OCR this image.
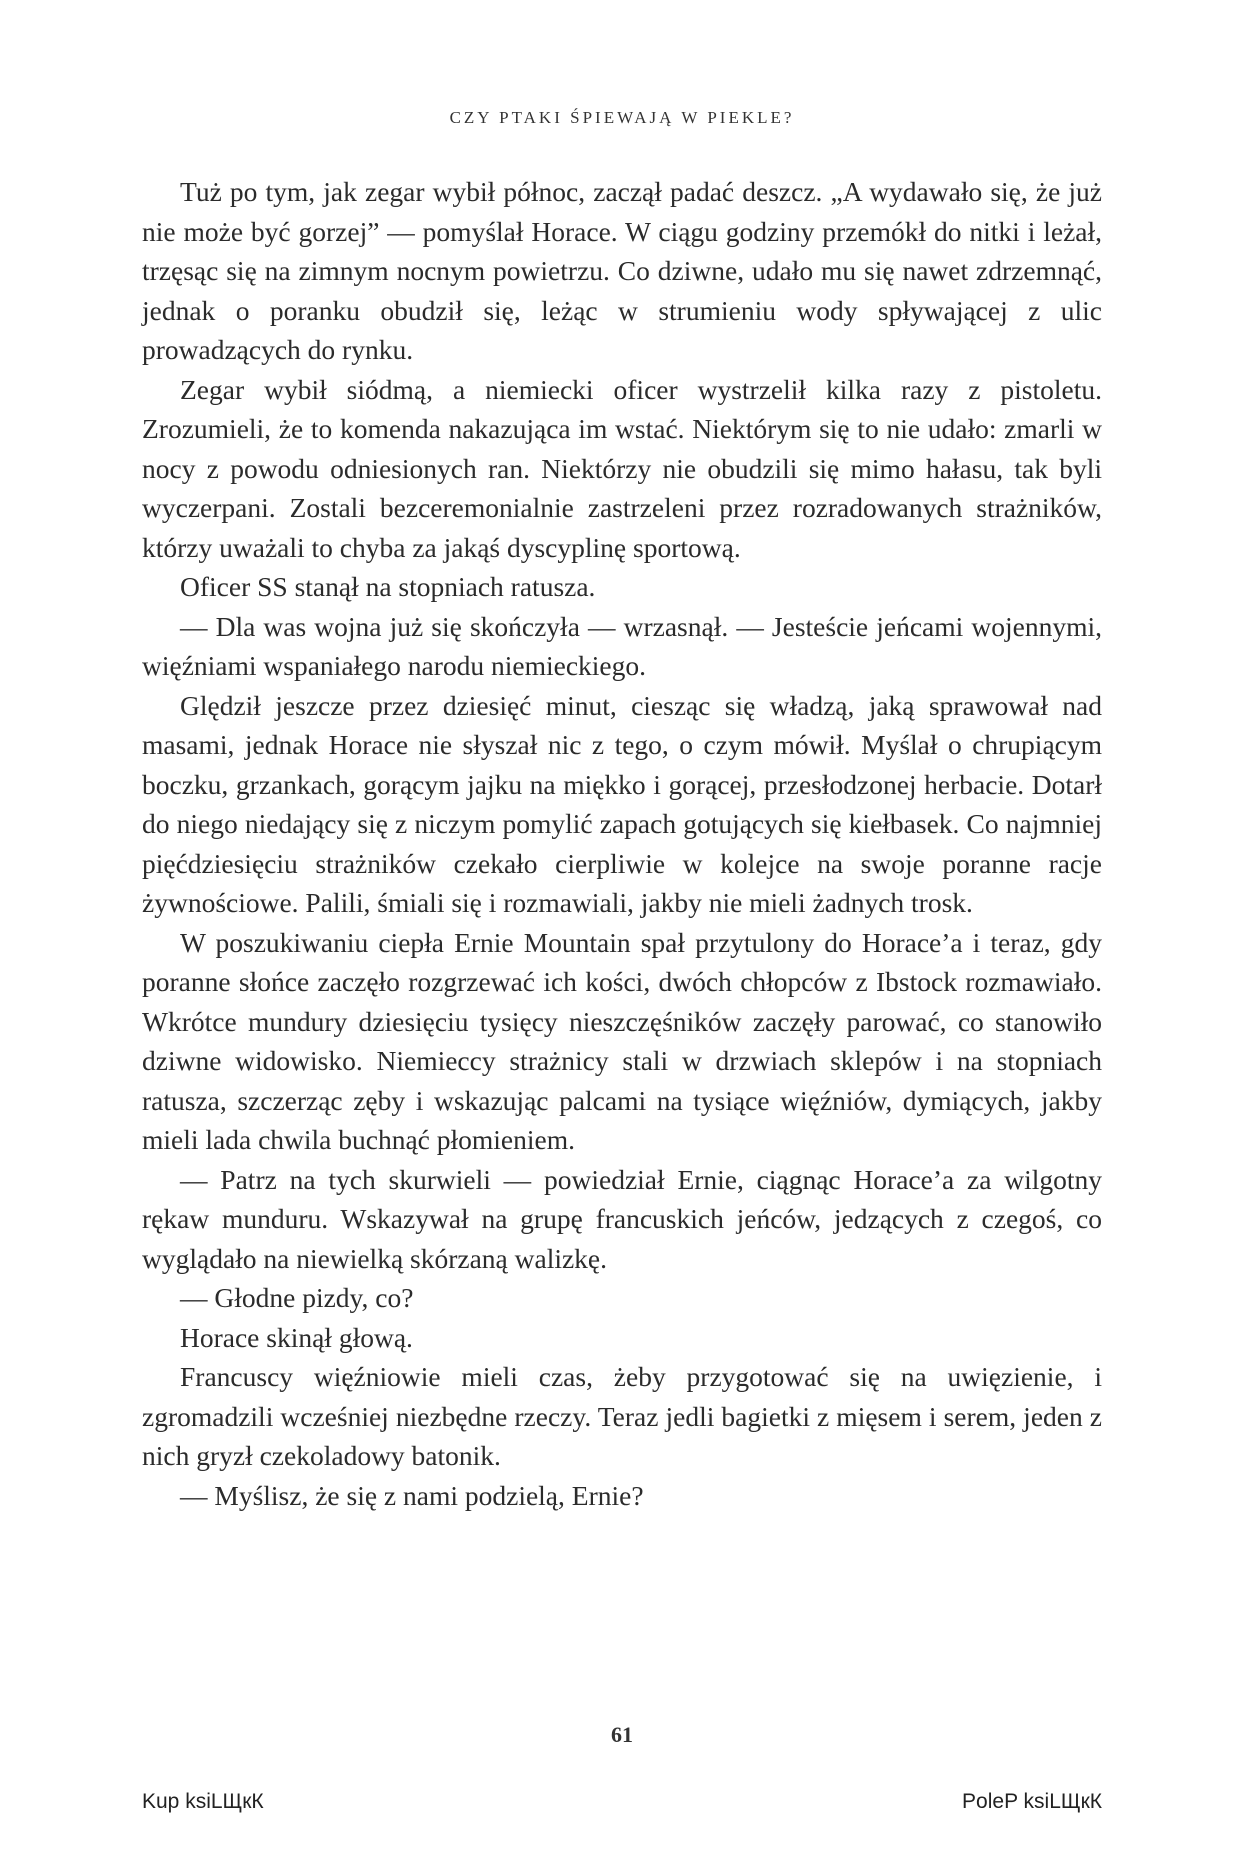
CZY PTAKI ŚPIEWAJĄ W PIEKLE?

Tuż po tym, jak zegar wybił północ, zaczął padać deszcz. „A wydawało się, że już nie może być gorzej” — pomyślał Horace. W ciągu godziny przemókł do nitki i leżał, trzęsąc się na zimnym nocnym powietrzu. Co dziwne, udało mu się nawet zdrzemnąć, jednak o poranku obudził się, leżąc w strumieniu wody spływającej z ulic prowadzących do rynku.

Zegar wybił siódmą, a niemiecki oficer wystrzelił kilka razy z pistoletu. Zrozumieli, że to komenda nakazująca im wstać. Niektórym się to nie udało: zmarli w nocy z powodu odniesionych ran. Niektórzy nie obudzili się mimo hałasu, tak byli wyczerpani. Zostali bezceremonialnie zastrzeleni przez rozradowanych strażników, którzy uważali to chyba za jakąś dyscyplinę sportową.

Oficer SS stanął na stopniach ratusza.

— Dla was wojna już się skończyła — wrzasnął. — Jesteście jeńcami wojennymi, więźniami wspaniałego narodu niemieckiego.

Ględził jeszcze przez dziesięć minut, ciesząc się władzą, jaką sprawował nad masami, jednak Horace nie słyszał nic z tego, o czym mówił. Myślał o chrupiącym boczku, grzankach, gorącym jajku na miękko i gorącej, przesłodzonej herbacie. Dotarł do niego niedający się z niczym pomylić zapach gotujących się kiełbasek. Co najmniej pięćdziesięciu strażników czekało cierpliwie w kolejce na swoje poranne racje żywnościowe. Palili, śmiali się i rozmawiali, jakby nie mieli żadnych trosk.

W poszukiwaniu ciepła Ernie Mountain spał przytulony do Horace’a i teraz, gdy poranne słońce zaczęło rozgrzewać ich kości, dwóch chłopców z Ibstock rozmawiało. Wkrótce mundury dziesięciu tysięcy nieszczęśników zaczęły parować, co stanowiło dziwne widowisko. Niemieccy strażnicy stali w drzwiach sklepów i na stopniach ratusza, szczerząc zęby i wskazując palcami na tysiące więźniów, dymiących, jakby mieli lada chwila buchnąć płomieniem.

— Patrz na tych skurwieli — powiedział Ernie, ciągnąc Horace’a za wilgotny rękaw munduru. Wskazywał na grupę francuskich jeńców, jedzących z czegoś, co wyglądało na niewielką skórzaną walizkę.

— Głodne pizdy, co?

Horace skinął głową.

Francuscy więźniowie mieli czas, żeby przygotować się na uwięzienie, i zgromadzili wcześniej niezbędne rzeczy. Teraz jedli bagietki z mięsem i serem, jeden z nich gryzł czekoladowy batonik.

— Myślisz, że się z nami podzielą, Ernie?

61
Kup ksiLЩкК	PoleP ksiLЩкК
